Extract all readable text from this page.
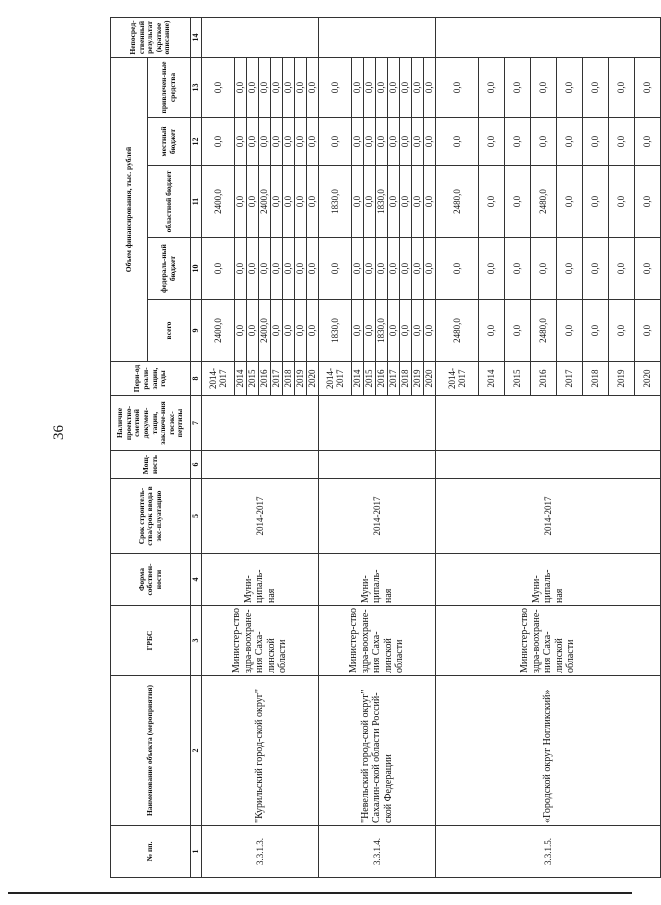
36
№ пп.	Наименование объекта (мероприятия)	ГРБС	Форма собствен-ности	Срок строитель-ства/срок ввода в экс-плуатацию	Мощ-ность	Наличие проектно-сметной докумен-тации, заключе-ния госэкс-пертизы	Пери-од реали-зации, годы	Объем финансирования, тыс. рублей					Непосред-ственный результат (краткое описание)
								всего	федераль-ный бюджет	областной бюджет	местный бюджет	привлечен-ные средства	
1	2	3	4	5	6	7	8	9	10	11	12	13	14
3.3.1.3.	"Курильский город-ской округ"	Министер-ство здра-воохране-ния Саха-линской области	Муни-ципаль-ная	2014-2017			2014-2017	2400,0	0,0	2400,0	0,0	0,0	
							2014	0,0	0,0	0,0	0,0	0,0	
							2015	0,0	0,0	0,0	0,0	0,0	
							2016	2400,0	0,0	2400,0	0,0	0,0	
							2017	0,0	0,0	0,0	0,0	0,0	
							2018	0,0	0,0	0,0	0,0	0,0	
							2019	0,0	0,0	0,0	0,0	0,0	
							2020	0,0	0,0	0,0	0,0	0,0	
3.3.1.4.	"Невельский город-ской округ" Сахалин-ской области Россий-ской Федерации	Министер-ство здра-воохране-ния Саха-линской области	Муни-ципаль-ная	2014-2017			2014-2017	1830,0	0,0	1830,0	0,0	0,0	
							2014	0,0	0,0	0,0	0,0	0,0	
							2015	0,0	0,0	0,0	0,0	0,0	
							2016	1830,0	0,0	1830,0	0,0	0,0	
							2017	0,0	0,0	0,0	0,0	0,0	
							2018	0,0	0,0	0,0	0,0	0,0	
							2019	0,0	0,0	0,0	0,0	0,0	
							2020	0,0	0,0	0,0	0,0	0,0	
3.3.1.5.	«Городской округ Ногликский»	Министер-ство здра-воохране-ния Саха-линской области	Муни-ципаль-ная	2014-2017			2014-2017	2480,0	0,0	2480,0	0,0	0,0	
							2014	0,0	0,0	0,0	0,0	0,0	
							2015	0,0	0,0	0,0	0,0	0,0	
							2016	2480,0	0,0	2480,0	0,0	0,0	
							2017	0,0	0,0	0,0	0,0	0,0	
							2018	0,0	0,0	0,0	0,0	0,0	
							2019	0,0	0,0	0,0	0,0	0,0	
							2020	0,0	0,0	0,0	0,0	0,0	
